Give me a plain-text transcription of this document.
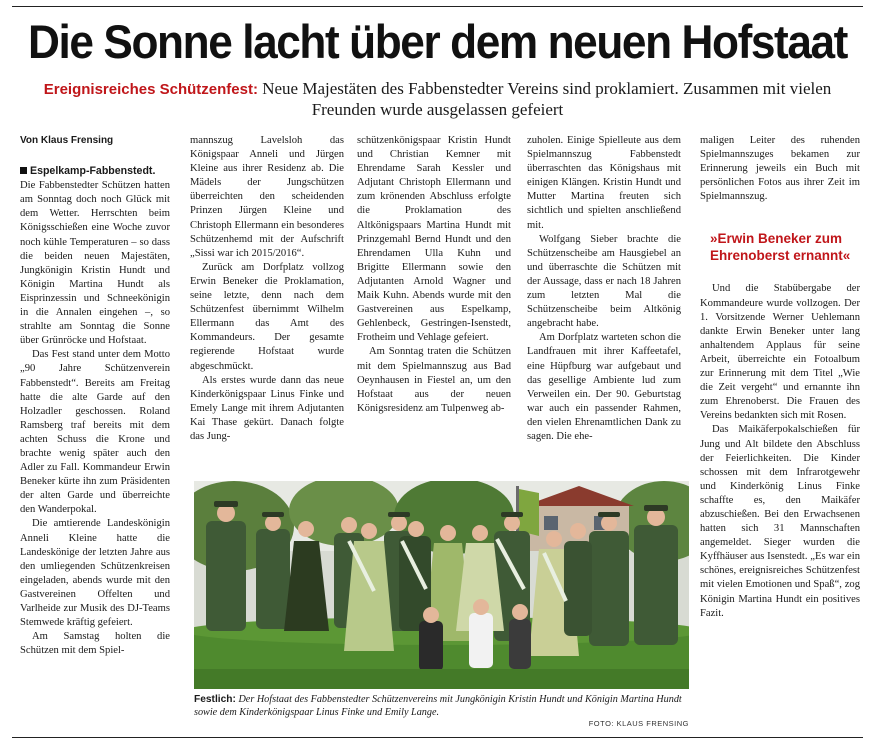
Die Sonne lacht über dem neuen Hofstaat
Ereignisreiches Schützenfest: Neue Majestäten des Fabbenstedter Vereins sind proklamiert. Zusammen mit vielen Freunden wurde ausgelassen gefeiert
Von Klaus Frensing

Espelkamp-Fabbenstedt. Die Fabbenstedter Schützen hatten am Sonntag doch noch Glück mit dem Wetter. Herrschten beim Königsschießen eine Woche zuvor noch kühle Temperaturen – so dass die beiden neuen Majestäten, Jungkönigin Kristin Hundt und Königin Martina Hundt als Eisprinzessin und Schneekönigin in die Annalen eingehen –, so strahlte am Sonntag die Sonne über Grünröcke und Hofstaat.

Das Fest stand unter dem Motto „90 Jahre Schützenverein Fabbenstedt“. Bereits am Freitag hatte die alte Garde auf den Holzadler geschossen. Roland Ramsberg traf bereits mit dem achten Schuss die Krone und brachte wenig später auch den Adler zu Fall. Kommandeur Erwin Beneker kürte ihn zum Präsidenten der alten Garde und überreichte den Wanderpokal.

Die amtierende Landeskönigin Anneli Kleine hatte die Landeskönige der letzten Jahre aus den umliegenden Schützenkreisen eingeladen, abends wurde mit den Gastvereinen Offelten und Varlheide zur Musik des DJ-Teams Stemwede kräftig gefeiert.

Am Samstag holten die Schützen mit dem Spiel-

mannszug Lavelsloh das Königspaar Anneli und Jürgen Kleine aus ihrer Residenz ab. Die Mädels der Jungschützen überreichten den scheidenden Prinzen Jürgen Kleine und Christoph Ellermann ein besonderes Schützenhemd mit der Aufschrift „Sissi war ich 2015/2016“.

Zurück am Dorfplatz vollzog Erwin Beneker die Proklamation, seine letzte, denn nach dem Schützenfest übernimmt Wilhelm Ellermann das Amt des Kommandeurs. Der gesamte regierende Hofstaat wurde abgeschmückt.

Als erstes wurde dann das neue Kinderkönigspaar Linus Finke und Emely Lange mit ihrem Adjutanten Kai Thase gekürt. Danach folgte das Jung-

schützenkönigspaar Kristin Hundt und Christian Kemner mit Ehrendame Sarah Kessler und Adjutant Christoph Ellermann und zum krönenden Abschluss erfolgte die Proklamation des Altkönigspaars Martina Hundt mit Prinzgemahl Bernd Hundt und den Ehrendamen Ulla Kuhn und Brigitte Ellermann sowie den Adjutanten Arnold Wagner und Maik Kuhn. Abends wurde mit den Gastvereinen aus Espelkamp, Gehlenbeck, Gestringen-Isenstedt, Frotheim und Vehlage gefeiert.

Am Sonntag traten die Schützen mit dem Spielmannszug aus Bad Oeynhausen in Fiestel an, um den Hofstaat aus der neuen Königsresidenz am Tulpenweg ab-

zuholen. Einige Spielleute aus dem Spielmannszug Fabbenstedt überraschten das Königshaus mit einigen Klängen. Kristin Hundt und Mutter Martina freuten sich sichtlich und spielten anschließend mit.

Wolfgang Sieber brachte die Schützenscheibe am Hausgiebel an und überraschte die Schützen mit der Aussage, dass er nach 18 Jahren zum letzten Mal die Schützenscheibe beim Altkönig angebracht habe.

Am Dorfplatz warteten schon die Landfrauen mit ihrer Kaffeetafel, eine Hüpfburg war aufgebaut und das gesellige Ambiente lud zum Verweilen ein. Der 90. Geburtstag war auch ein passender Rahmen, den vielen Ehrenamtlichen Dank zu sagen. Die ehe-

maligen Leiter des ruhenden Spielmannszuges bekamen zur Erinnerung jeweils ein Buch mit persönlichen Fotos aus ihrer Zeit im Spielmannszug.

»Erwin Beneker zum Ehrenoberst ernannt«

Und die Stabübergabe der Kommandeure wurde vollzogen. Der 1. Vorsitzende Werner Uehlemann dankte Erwin Beneker unter lang anhaltendem Applaus für seine Arbeit, überreichte ein Fotoalbum zur Erinnerung mit dem Titel „Wie die Zeit vergeht“ und ernannte ihn zum Ehrenoberst. Die Frauen des Vereins bedankten sich mit Rosen.

Das Maikäferpokalschießen für Jung und Alt bildete den Abschluss der Feierlichkeiten. Die Kinder schossen mit dem Infrarotgewehr und Kinderkönig Linus Finke schaffte es, den Maikäfer abzuschießen. Bei den Erwachsenen hatten sich 31 Mannschaften angemeldet. Sieger wurden die Kyffhäuser aus Isenstedt. „Es war ein schönes, ereignisreiches Schützenfest mit vielen Emotionen und Spaß“, zog Königin Martina Hundt ein positives Fazit.

Festlich: Der Hofstaat des Fabbenstedter Schützenvereins mit Jungkönigin Kristin Hundt und Königin Martina Hundt sowie dem Kinderkönigspaar Linus Finke und Emily Lange.
FOTO: KLAUS FRENSING
